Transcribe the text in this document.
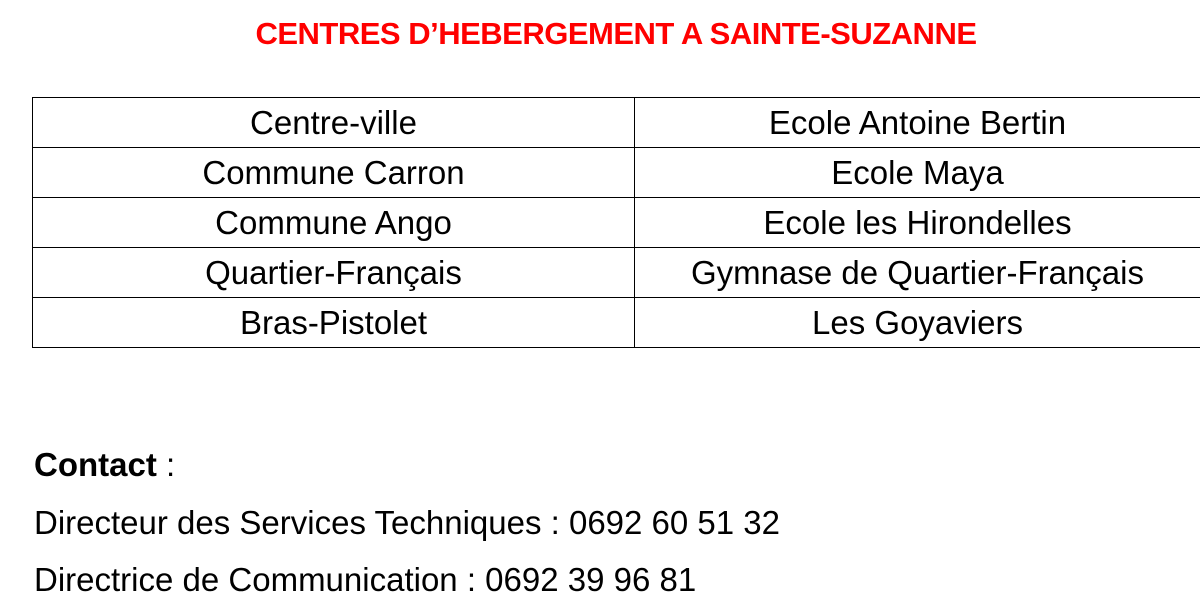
CENTRES D’HEBERGEMENT A SAINTE-SUZANNE
Centre-ville	Ecole Antoine Bertin
Commune Carron	Ecole Maya
Commune Ango	Ecole les Hirondelles
Quartier-Français	Gymnase de Quartier-Français
Bras-Pistolet	Les Goyaviers
Contact :
Directeur des Services Techniques : 0692 60 51 32
Directrice de Communication : 0692 39 96 81
